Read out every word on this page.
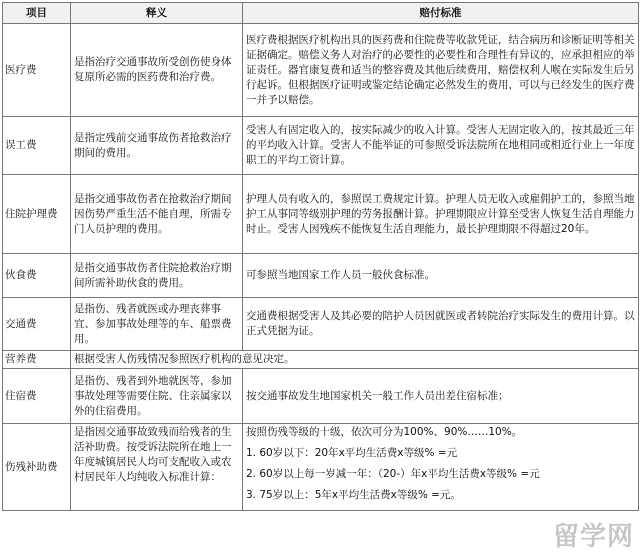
项目	释义	赔付标准
医疗费	是指治疗交通事故所受创伤使身体复原所必需的医药费和治疗费。	医疗费根据医疗机构出具的医药费和住院费等收款凭证，结合病历和诊断证明等相关证据确定。赔偿义务人对治疗的必要性的必要性和合理性有异议的，应承担相应的举证责任。器官康复费和适当的整容费及其他后续费用，赔偿权利人喉在实际发生后另行起诉。但根据医疗证明或鉴定结论确定必然发生的费用，可以与已经发生的医疗费一并予以赔偿。
误工费	是指定残前交通事故伤者抢救治疗期间的费用。	受害人有固定收入的，按实际减少的收入计算。受害人无固定收入的，按其最近三年的平均收入计算。受害人不能举证的可参照受诉法院所在地相同或相近行业上一年度职工的平均工资计算。
住院护理费	是指交通事故伤者在抢救治疗期间因伤势严重生活不能自理，所需专门人员护理的费用。	护理人员有收入的，参照误工费规定计算。护理人员无收入或雇佣护工的，参照当地护工从事同等级别护理的劳务报酬计算。护理期限应计算至受害人恢复生活自理能力时止。受害人因残疾不能恢复生活自理能力，最长护理期限不得超过20年。
伙食费	是指交通事故伤者住院抢救治疗期间所需补助伙食的费用。	可参照当地国家工作人员一般伙食标准。
交通费	是指伤、残者就医或办理丧葬事宜、参加事故处理等的车、船票费用。	交通费根据受害人及其必要的陪护人员因就医或者转院治疗实际发生的费用计算。以正式凭据为证。
营养费	根据受害人伤残情况参照医疗机构的意见决定。	
住宿费	是指伤、残者到外地就医等，参加事故处理等需要住院、住亲属家以外的住宿费用。	按交通事故发生地国家机关一般工作人员出差住宿标准；
伤残补助费	是指因交通事故致残而给残者的生活补助费。按受诉法院所在地上一年度城镇居民人均可支配收入或农村居民年人均纯收入标准计算：	按照伤残等级的十级，依次可分为100%、90%……10%。
1. 60岁以下：20年x平均生活费x等级% =元
2. 60岁以上每一岁减一年：（20-）年x平均生活费x等级% =元
3. 75岁以上：5年x平均生活费x等级% =元。
留学网
